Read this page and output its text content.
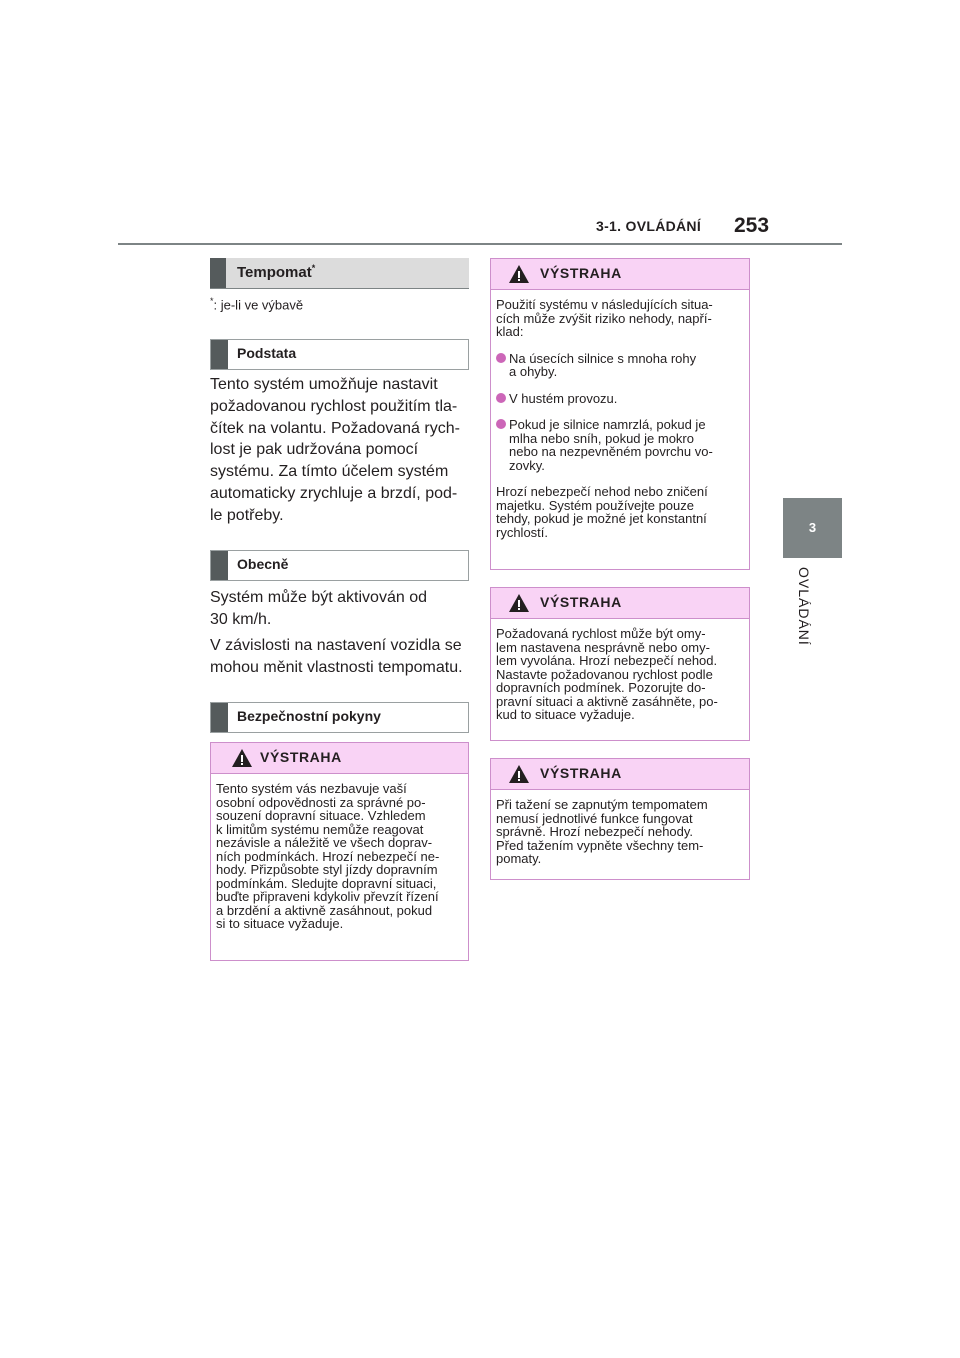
3-1. OVLÁDÁNÍ 253
3
OVLÁDÁNÍ
Tempomat*
*: je-li ve výbavě
Podstata
Tento systém umožňuje nastavit
požadovanou rychlost použitím tla-
čítek na volantu. Požadovaná rych-
lost je pak udržována pomocí
systému. Za tímto účelem systém
automaticky zrychluje a brzdí, pod-
le potřeby.
Obecně
Systém může být aktivován od
30 km/h.
V závislosti na nastavení vozidla se
mohou měnit vlastnosti tempomatu.
Bezpečnostní pokyny
VÝSTRAHA
Tento systém vás nezbavuje vaší
osobní odpovědnosti za správné po-
souzení dopravní situace. Vzhledem
k limitům systému nemůže reagovat
nezávisle a náležitě ve všech doprav-
ních podmínkách. Hrozí nebezpečí ne-
hody. Přizpůsobte styl jízdy dopravním
podmínkám. Sledujte dopravní situaci,
buďte připraveni kdykoliv převzít řízení
a brzdění a aktivně zasáhnout, pokud
si to situace vyžaduje.
VÝSTRAHA
Použití systému v následujících situa-
cích může zvýšit riziko nehody, napří-
klad:
Na úsecích silnice s mnoha rohy
a ohyby.
V hustém provozu.
Pokud je silnice namrzlá, pokud je
mlha nebo sníh, pokud je mokro
nebo na nezpevněném povrchu vo-
zovky.
Hrozí nebezpečí nehod nebo zničení
majetku. Systém používejte pouze
tehdy, pokud je možné jet konstantní
rychlostí.
VÝSTRAHA
Požadovaná rychlost může být omy-
lem nastavena nesprávně nebo omy-
lem vyvolána. Hrozí nebezpečí nehod.
Nastavte požadovanou rychlost podle
dopravních podmínek. Pozorujte do-
pravní situaci a aktivně zasáhněte, po-
kud to situace vyžaduje.
VÝSTRAHA
Při tažení se zapnutým tempomatem
nemusí jednotlivé funkce fungovat
správně. Hrozí nebezpečí nehody.
Před tažením vypněte všechny tem-
pomaty.
